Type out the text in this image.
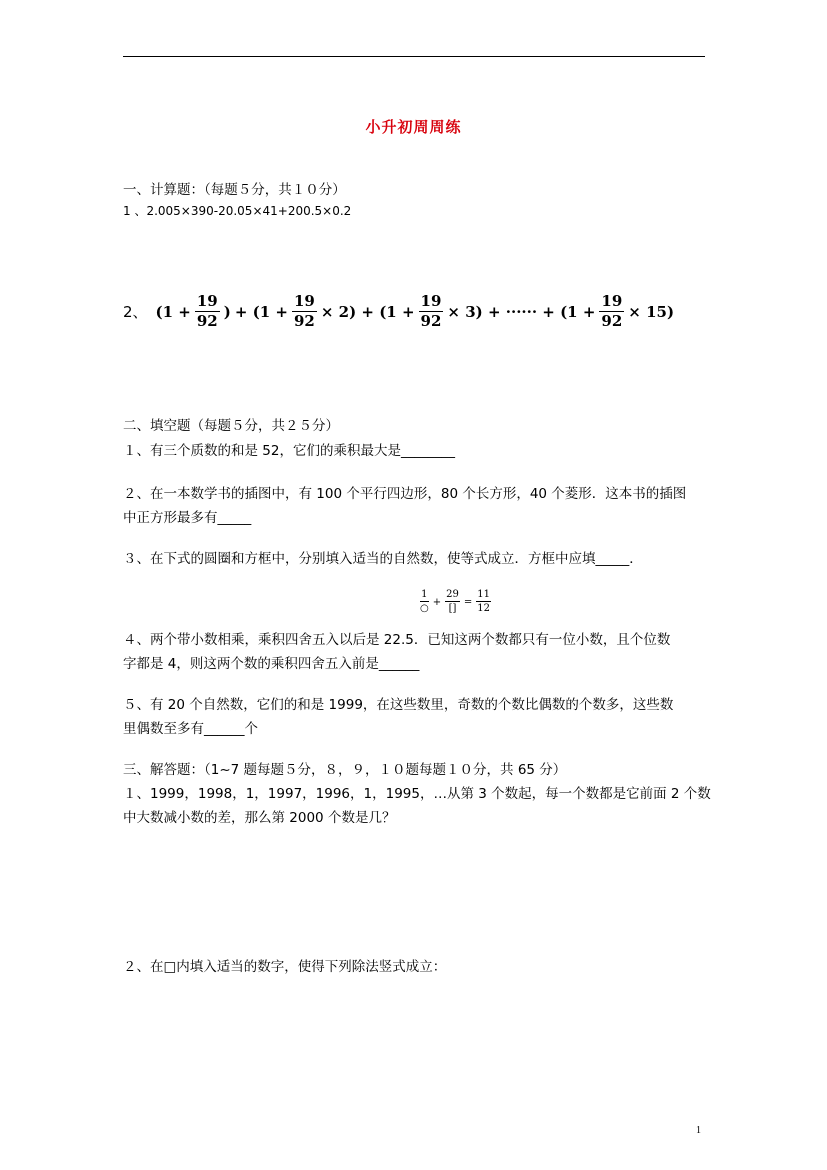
小升初周周练
一、计算题：（每题５分，共１０分）
1 、2.005×390-20.05×41+200.5×0.2
2、 ($1 + \frac{19}{92}$ ) + $(1 + \frac{19}{92} \times 2) + (1 + \frac{19}{92} \times 3)$ + ······ + $(1 + \frac{19}{92} \times 15)$
二、填空题（每题５分，共２５分）
１、有三个质数的和是 52，它们的乘积最大是________
２、在一本数学书的插图中，有 100 个平行四边形，80 个长方形，40 个菱形．这本书的插图
中正方形最多有_____
３、在下式的圆圈和方框中，分别填入适当的自然数，使等式成立．方框中应填_____．
$\frac{1}{○} + \frac{29}{[]} = \frac{11}{12}$
４、两个带小数相乘，乘积四舍五入以后是 22.5．已知这两个数都只有一位小数，且个位数
字都是 4，则这两个数的乘积四舍五入前是______
５、有 20 个自然数，它们的和是 1999，在这些数里，奇数的个数比偶数的个数多，这些数
里偶数至多有______个
三、解答题：（1~7 题每题５分，８，９，１０题每题１０分，共 65 分）
１、1999，1998，1，1997，1996，1，1995，…从第 3 个数起，每一个数都是它前面 2 个数
中大数减小数的差，那么第 2000 个数是几？
２、在□内填入适当的数字，使得下列除法竖式成立：
1
